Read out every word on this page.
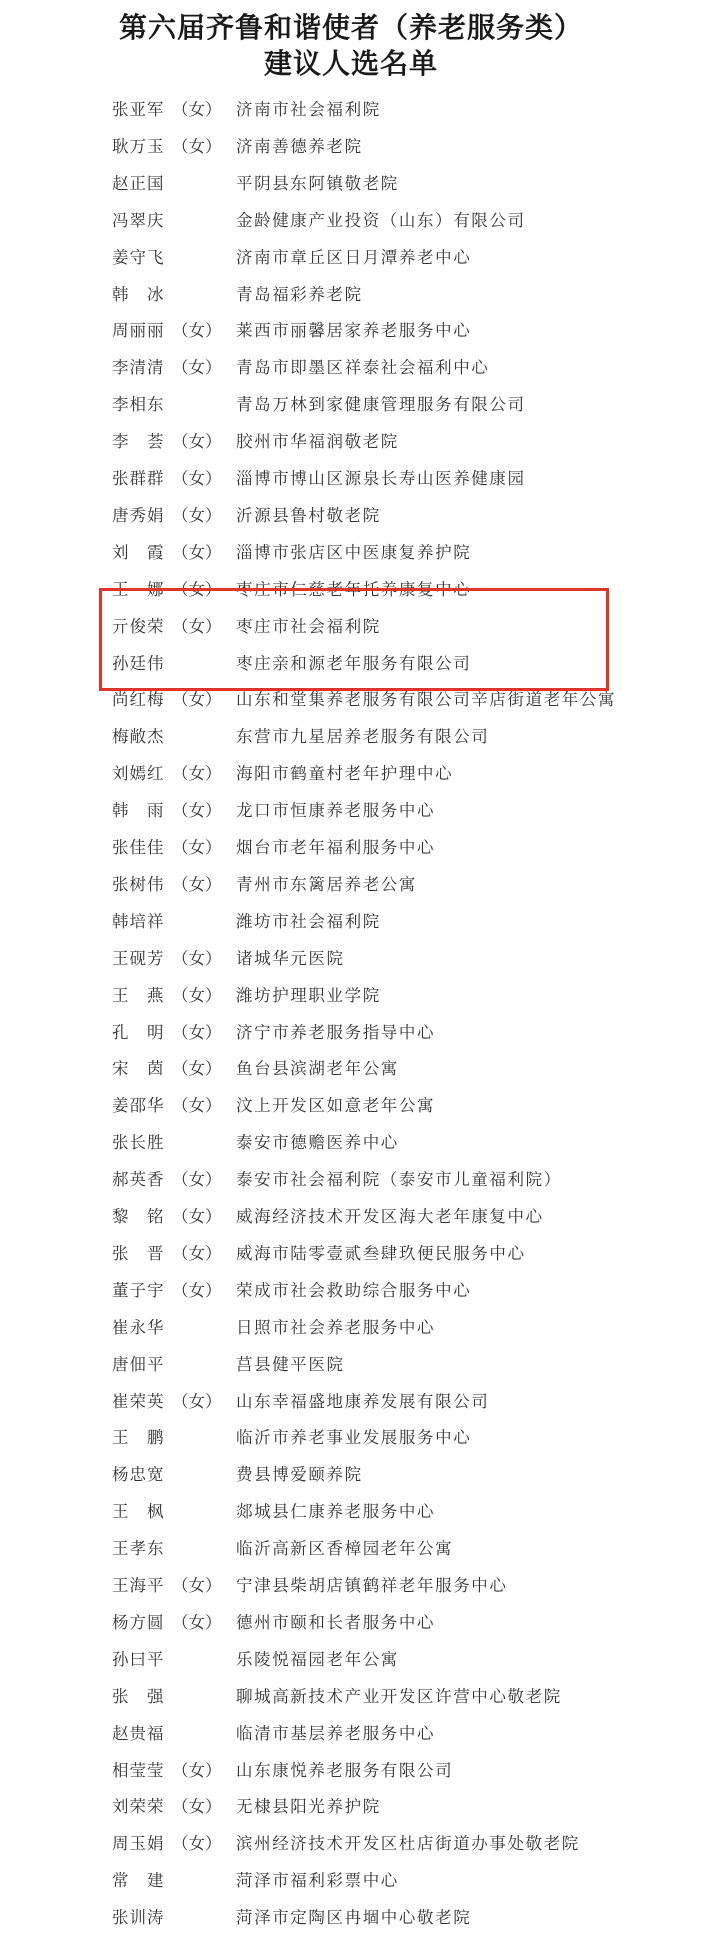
第六届齐鲁和谐使者（养老服务类）
建议人选名单
张亚军 （女） 济南市社会福利院
耿万玉 （女） 济南善德养老院
赵正国	平阴县东阿镇敬老院
冯翠庆	金龄健康产业投资（山东）有限公司
姜守飞	济南市章丘区日月潭养老中心
韩　冰	青岛福彩养老院
周丽丽 （女） 莱西市丽馨居家养老服务中心
李清清 （女） 青岛市即墨区祥泰社会福利中心
李相东	青岛万林到家健康管理服务有限公司
李　荟 （女） 胶州市华福润敬老院
张群群 （女） 淄博市博山区源泉长寿山医养健康园
唐秀娟 （女） 沂源县鲁村敬老院
刘　霞 （女） 淄博市张店区中医康复养护院
王　娜 （女） 枣庄市仁慈老年托养康复中心
亓俊荣 （女） 枣庄市社会福利院
孙廷伟	枣庄亲和源老年服务有限公司
尚红梅 （女） 山东和堂集养老服务有限公司辛店街道老年公寓
梅敞杰	东营市九星居养老服务有限公司
刘嫣红 （女） 海阳市鹤童村老年护理中心
韩　雨 （女） 龙口市恒康养老服务中心
张佳佳 （女） 烟台市老年福利服务中心
张树伟 （女） 青州市东篱居养老公寓
韩培祥	潍坊市社会福利院
王砚芳 （女） 诸城华元医院
王　燕 （女） 潍坊护理职业学院
孔　明 （女） 济宁市养老服务指导中心
宋　茵 （女） 鱼台县滨湖老年公寓
姜邵华 （女） 汶上开发区如意老年公寓
张长胜	泰安市德赡医养中心
郝英香 （女） 泰安市社会福利院（泰安市儿童福利院）
黎　铭 （女） 威海经济技术开发区海大老年康复中心
张　晋 （女） 威海市陆零壹贰叁肆玖便民服务中心
董子宇 （女） 荣成市社会救助综合服务中心
崔永华	日照市社会养老服务中心
唐佃平	莒县健平医院
崔荣英 （女） 山东幸福盛地康养发展有限公司
王　鹏	临沂市养老事业发展服务中心
杨忠宽	费县博爱颐养院
王　枫	郯城县仁康养老服务中心
王孝东	临沂高新区香樟园老年公寓
王海平 （女） 宁津县柴胡店镇鹤祥老年服务中心
杨方圆 （女） 德州市颐和长者服务中心
孙曰平	乐陵悦福园老年公寓
张　强	聊城高新技术产业开发区许营中心敬老院
赵贵福	临清市基层养老服务中心
相莹莹 （女） 山东康悦养老服务有限公司
刘荣荣 （女） 无棣县阳光养护院
周玉娟 （女） 滨州经济技术开发区杜店街道办事处敬老院
常　建	菏泽市福利彩票中心
张训涛	菏泽市定陶区冉堌中心敬老院
